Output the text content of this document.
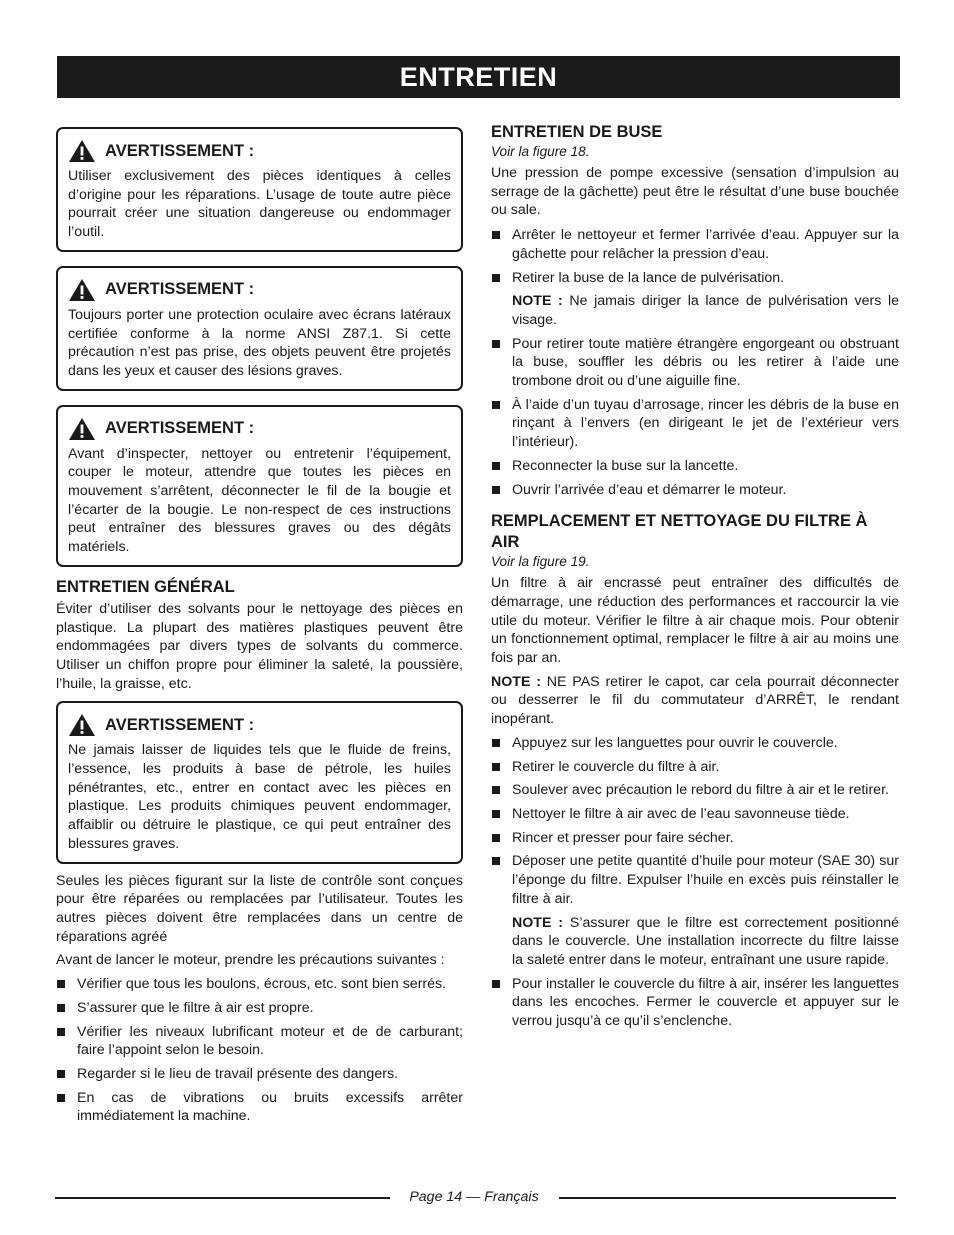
ENTRETIEN
AVERTISSEMENT :

Utiliser exclusivement des pièces identiques à celles d’origine pour les réparations. L’usage de toute autre pièce pourrait créer une situation dangereuse ou endommager l’outil.

AVERTISSEMENT :

Toujours porter une protection oculaire avec écrans latéraux certifiée conforme à la norme ANSI Z87.1. Si cette précaution n’est pas prise, des objets peuvent être projetés dans les yeux et causer des lésions graves.

AVERTISSEMENT :

Avant d’inspecter, nettoyer ou entretenir l’équipement, couper le moteur, attendre que toutes les pièces en mouvement s’arrêtent, déconnecter le fil de la bougie et l’écarter de la bougie. Le non-respect de ces instructions peut entraîner des blessures graves ou des dégâts matériels.

ENTRETIEN GÉNÉRAL

Éviter d’utiliser des solvants pour le nettoyage des pièces en plastique. La plupart des matières plastiques peuvent être endommagées par divers types de solvants du commerce. Utiliser un chiffon propre pour éliminer la saleté, la poussière, l’huile, la graisse, etc.

AVERTISSEMENT :

Ne jamais laisser de liquides tels que le fluide de freins, l’essence, les produits à base de pétrole, les huiles pénétrantes, etc., entrer en contact avec les pièces en plastique. Les produits chimiques peuvent endommager, affaiblir ou détruire le plastique, ce qui peut entraîner des blessures graves.

Seules les pièces figurant sur la liste de contrôle sont conçues pour être réparées ou remplacées par l’utilisateur. Toutes les autres pièces doivent être remplacées dans un centre de réparations agréé

Avant de lancer le moteur, prendre les précautions suivantes :

Vérifier que tous les boulons, écrous, etc. sont bien serrés.
S’assurer que le filtre à air est propre.
Vérifier les niveaux lubrificant moteur et de de carburant; faire l’appoint selon le besoin.
Regarder si le lieu de travail présente des dangers.
En cas de vibrations ou bruits excessifs arrêter immédiatement la machine.

ENTRETIEN DE BUSE

Voir la figure 18.

Une pression de pompe excessive (sensation d’impulsion au serrage de la gâchette) peut être le résultat d’une buse bouchée ou sale.

Arrêter le nettoyeur et fermer l’arrivée d’eau. Appuyer sur la gâchette pour relâcher la pression d’eau.
Retirer la buse de la lance de pulvérisation.

NOTE : Ne jamais diriger la lance de pulvérisation vers le visage.

Pour retirer toute matière étrangère engorgeant ou obstruant la buse, souffler les débris ou les retirer à l’aide une trombone droit ou d’une aiguille fine.
À l’aide d’un tuyau d’arrosage, rincer les débris de la buse en rinçant à l’envers (en dirigeant le jet de l’extérieur vers l’intérieur).
Reconnecter la buse sur la lancette.
Ouvrir l’arrivée d’eau et démarrer le moteur.

REMPLACEMENT ET NETTOYAGE DU FILTRE À AIR

Voir la figure 19.

Un filtre à air encrassé peut entraîner des difficultés de démarrage, une réduction des performances et raccourcir la vie utile du moteur. Vérifier le filtre à air chaque mois. Pour obtenir un fonctionnement optimal, remplacer le filtre à air au moins une fois par an.

NOTE : NE PAS retirer le capot, car cela pourrait déconnecter ou desserrer le fil du commutateur d’ARRÊT, le rendant inopérant.

Appuyez sur les languettes pour ouvrir le couvercle.
Retirer le couvercle du filtre à air.
Soulever avec précaution le rebord du filtre à air et le retirer.
Nettoyer le filtre à air avec de l’eau savonneuse tiède.
Rincer et presser pour faire sécher.
Déposer une petite quantité d’huile pour moteur (SAE 30) sur l’éponge du filtre. Expulser l’huile en excès puis réinstaller le filtre à air.

NOTE : S’assurer que le filtre est correctement positionné dans le couvercle. Une installation incorrecte du filtre laisse la saleté entrer dans le moteur, entraînant une usure rapide.

Pour installer le couvercle du filtre à air, insérer les languettes dans les encoches. Fermer le couvercle et appuyer sur le verrou jusqu’à ce qu’il s’enclenche.
Page 14 — Français
